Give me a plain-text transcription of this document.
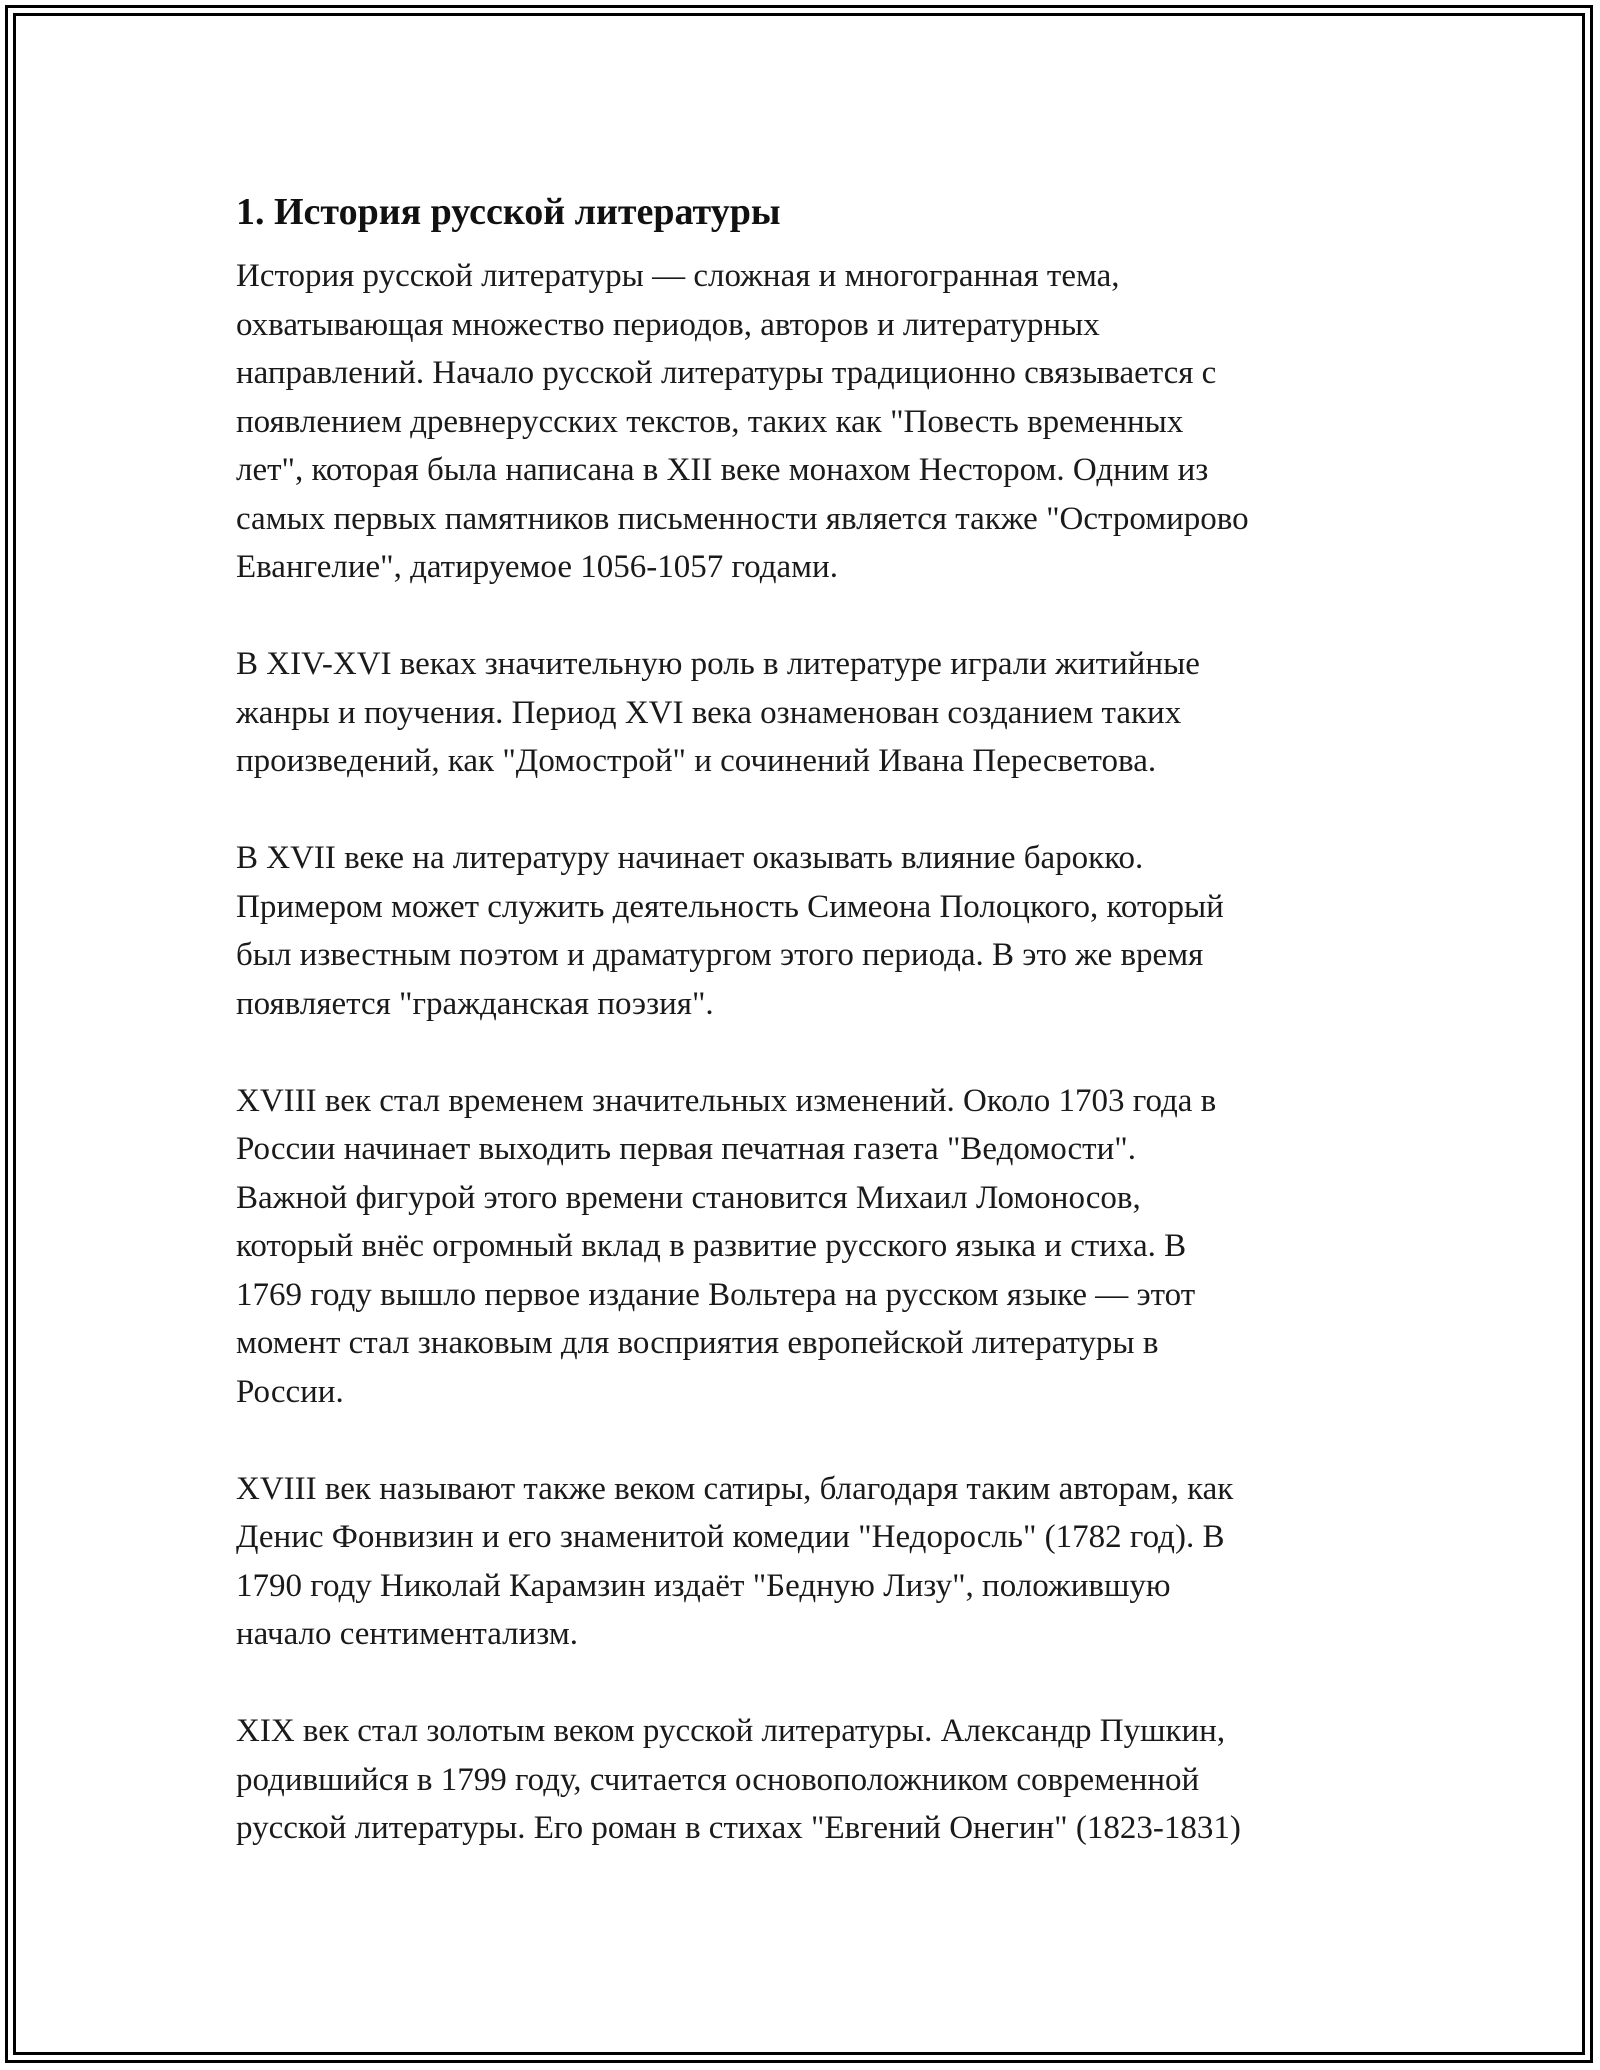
1. История русской литературы

История русской литературы — сложная и многогранная тема,
охватывающая множество периодов, авторов и литературных
направлений. Начало русской литературы традиционно связывается с
появлением древнерусских текстов, таких как "Повесть временных
лет", которая была написана в XII веке монахом Нестором. Одним из
самых первых памятников письменности является также "Остромирово
Евангелие", датируемое 1056-1057 годами.

В XIV-XVI веках значительную роль в литературе играли житийные
жанры и поучения. Период XVI века ознаменован созданием таких
произведений, как "Домострой" и сочинений Ивана Пересветова.

В XVII веке на литературу начинает оказывать влияние барокко.
Примером может служить деятельность Симеона Полоцкого, который
был известным поэтом и драматургом этого периода. В это же время
появляется "гражданская поэзия".

XVIII век стал временем значительных изменений. Около 1703 года в
России начинает выходить первая печатная газета "Ведомости".
Важной фигурой этого времени становится Михаил Ломоносов,
который внёс огромный вклад в развитие русского языка и стиха. В
1769 году вышло первое издание Вольтера на русском языке — этот
момент стал знаковым для восприятия европейской литературы в
России.

XVIII век называют также веком сатиры, благодаря таким авторам, как
Денис Фонвизин и его знаменитой комедии "Недоросль" (1782 год). В
1790 году Николай Карамзин издаёт "Бедную Лизу", положившую
начало сентиментализм.

XIX век стал золотым веком русской литературы. Александр Пушкин,
родившийся в 1799 году, считается основоположником современной
русской литературы. Его роман в стихах "Евгений Онегин" (1823-1831)
